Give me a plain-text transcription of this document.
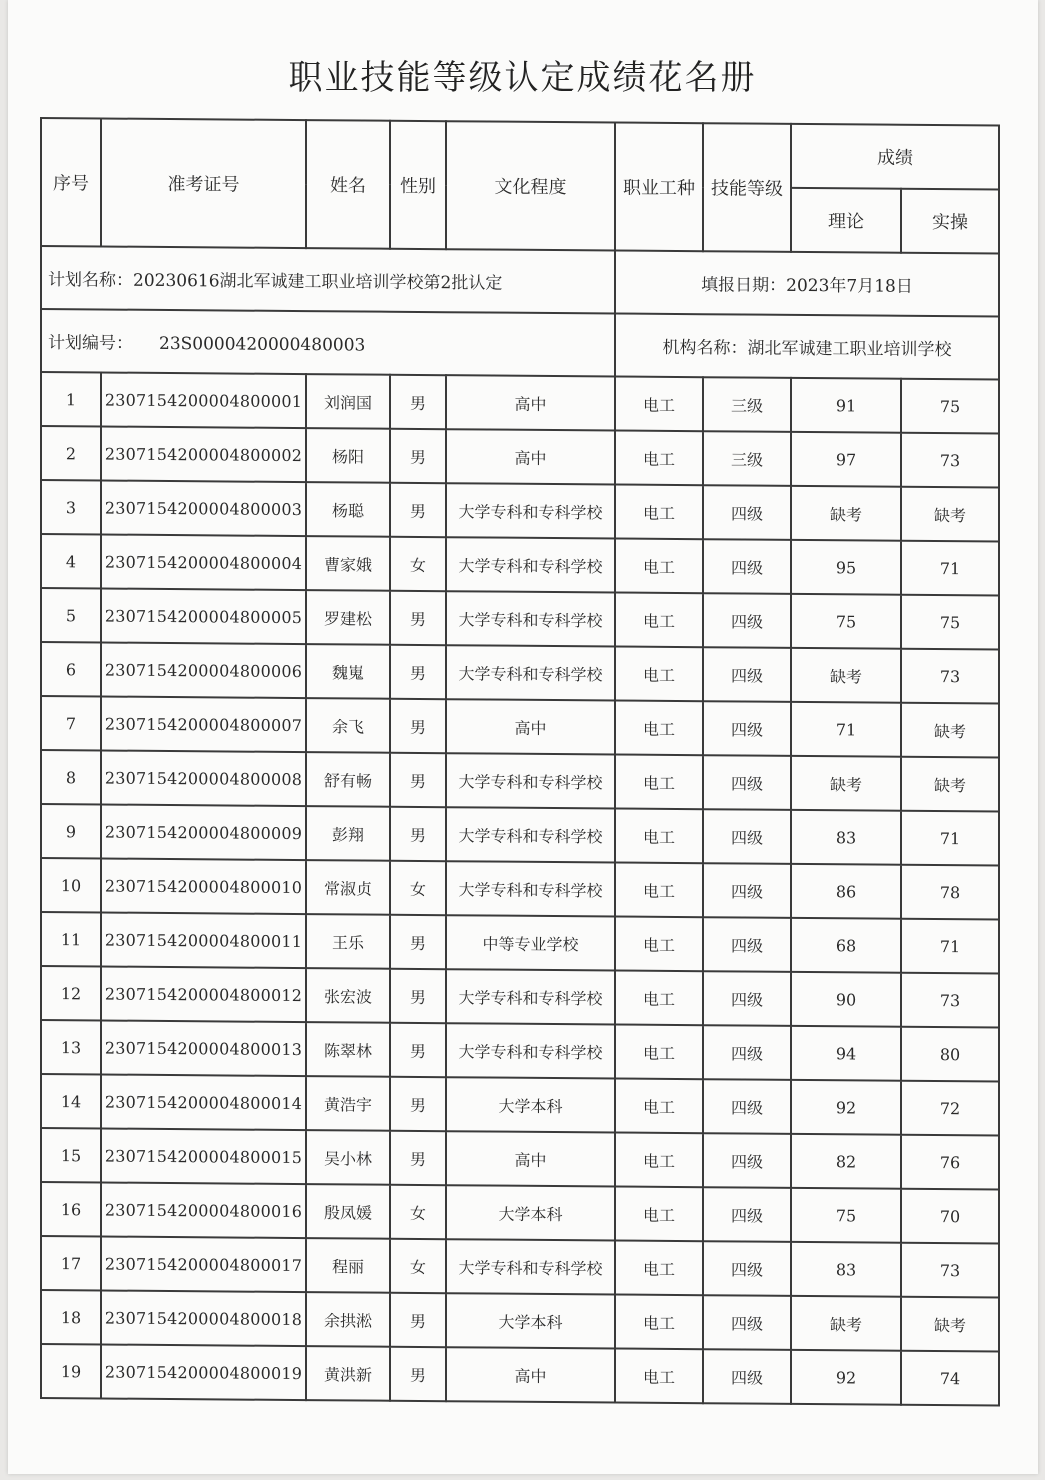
职业技能等级认定成绩花名册
计划名称：20230616湖北军诚建工职业培训学校第2批认定					填报日期：2023年7月18日			
计划编号： 23S0000420000480003					机构名称：湖北军诚建工职业培训学校			
序号	准考证号	姓名	性别	文化程度	职业工种	技能等级	成绩	
							理论	实操
1	2307154200004800001	刘润国	男	高中	电工	三级	91	75
2	2307154200004800002	杨阳	男	高中	电工	三级	97	73
3	2307154200004800003	杨聪	男	大学专科和专科学校	电工	四级	缺考	缺考
4	2307154200004800004	曹家娥	女	大学专科和专科学校	电工	四级	95	71
5	2307154200004800005	罗建松	男	大学专科和专科学校	电工	四级	75	75
6	2307154200004800006	魏嵬	男	大学专科和专科学校	电工	四级	缺考	73
7	2307154200004800007	余飞	男	高中	电工	四级	71	缺考
8	2307154200004800008	舒有畅	男	大学专科和专科学校	电工	四级	缺考	缺考
9	2307154200004800009	彭翔	男	大学专科和专科学校	电工	四级	83	71
10	2307154200004800010	常淑贞	女	大学专科和专科学校	电工	四级	86	78
11	2307154200004800011	王乐	男	中等专业学校	电工	四级	68	71
12	2307154200004800012	张宏波	男	大学专科和专科学校	电工	四级	90	73
13	2307154200004800013	陈翠林	男	大学专科和专科学校	电工	四级	94	80
14	2307154200004800014	黄浩宇	男	大学本科	电工	四级	92	72
15	2307154200004800015	吴小林	男	高中	电工	四级	82	76
16	2307154200004800016	殷凤媛	女	大学本科	电工	四级	75	70
17	2307154200004800017	程丽	女	大学专科和专科学校	电工	四级	83	73
18	2307154200004800018	余拱淞	男	大学本科	电工	四级	缺考	缺考
19	2307154200004800019	黄洪新	男	高中	电工	四级	92	74
